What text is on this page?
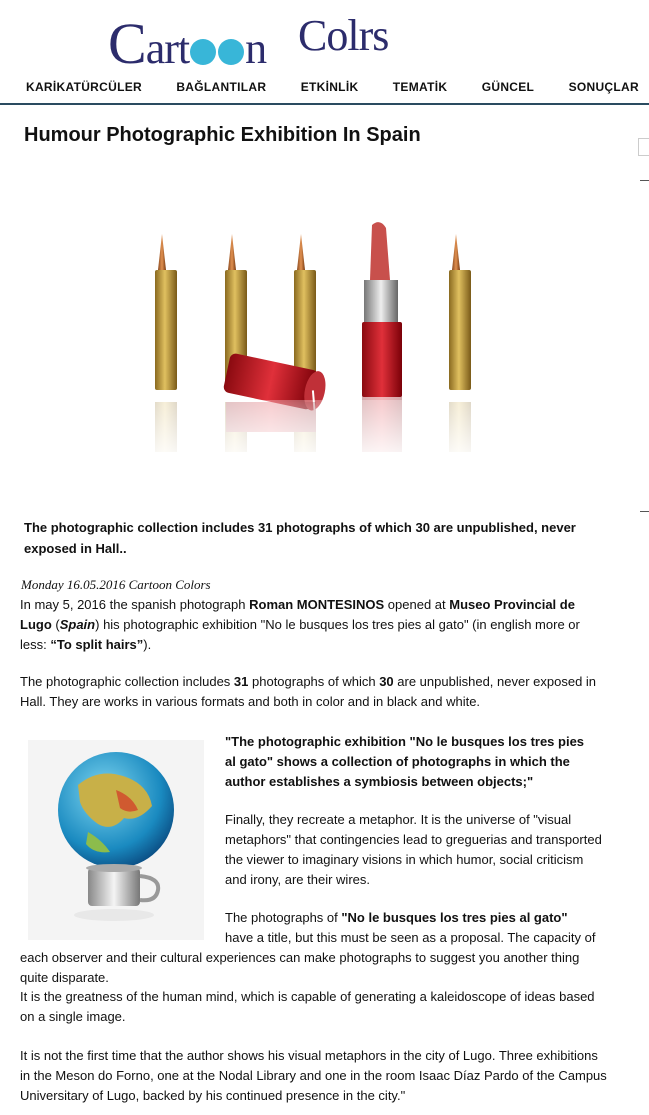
Cart n Colrs
KARİKATÜRCÜLER	BAĞLANTILAR	ETKİNLİK	TEMATİK	GÜNCEL	SONUÇLAR
Humour Photographic Exhibition In Spain

The photographic collection includes 31 photographs of which 30 are unpublished, never exposed in Hall..

Monday 16.05.2016 Cartoon Colors

In may 5, 2016 the spanish photograph Roman MONTESINOS opened at Museo Provincial de Lugo (Spain) his photographic exhibition "No le busques los tres pies al gato" (in english more or less: “To split hairs”).

The photographic collection includes 31 photographs of which 30 are unpublished, never exposed in Hall. They are works in various formats and both in color and in black and white.

"The photographic exhibition "No le busques los tres pies al gato" shows a collection of photographs in which the author establishes a symbiosis between objects;"

Finally, they recreate a metaphor. It is the universe of "visual metaphors" that contingencies lead to greguerias and transported the viewer to imaginary visions in which humor, social criticism and irony, are their wires.

The photographs of "No le busques los tres pies al gato"

have a title, but this must be seen as a proposal. The capacity of each observer and their cultural experiences can make photographs to suggest you another thing quite disparate.

It is the greatness of the human mind, which is capable of generating a kaleidoscope of ideas based on a single image.

It is not the first time that the author shows his visual metaphors in the city of Lugo. Three exhibitions in the Meson do Forno, one at the Nodal Library and one in the room Isaac Díaz Pardo of the Campus Universitary of Lugo, backed by his continued presence in the city."
